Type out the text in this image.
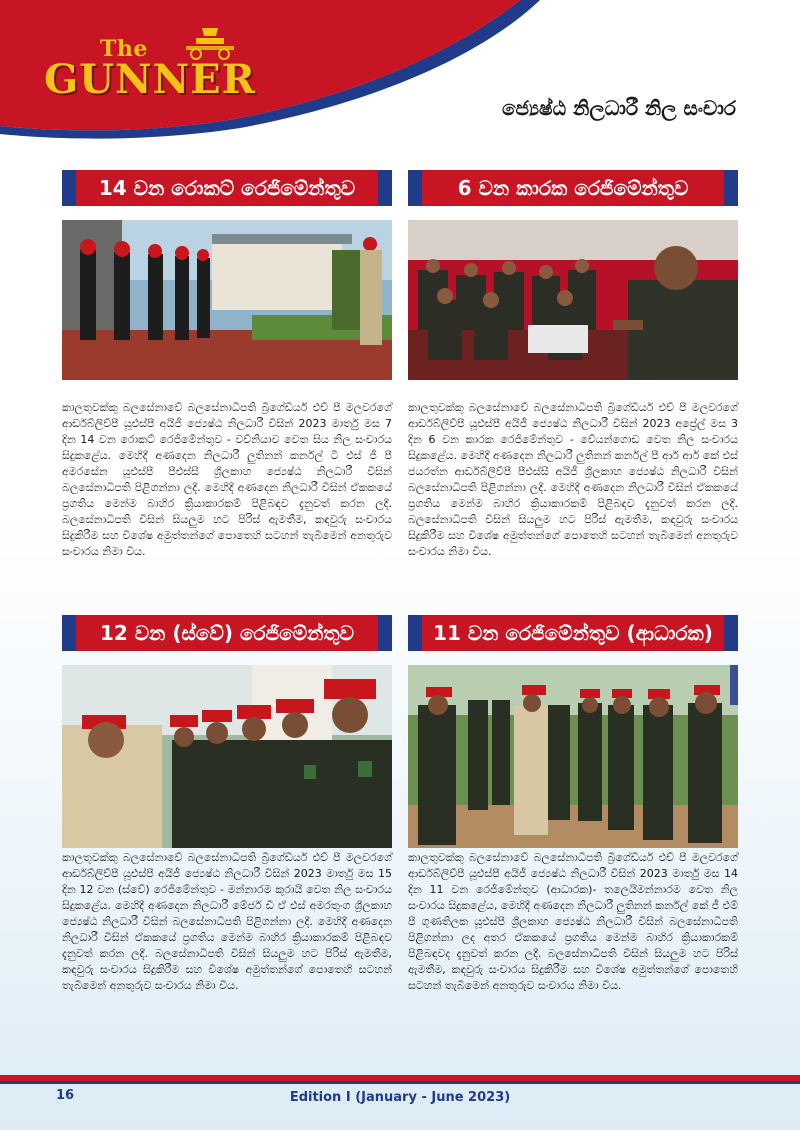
The
GUNNER
ජ්‍යෙෂ්ඨ නිලධාරී නිල සංචාර
14 වන රොකට් රෙජිමේන්තුව
කාලතුවක්කු බලසේනාවේ බලසේනාධිපති බ්‍රිගේඩියර් එච් පී මලවරගේ ආර්ඩබ්ලිව්පී යූඑස්පී අයිජී ජ්‍යෙෂ්ඨ නිලධාරී විසින් 2023 මාර්තු මස 7 දින 14 වන රොකට් රෙජිමේන්තුව - වව්නියාව වෙත සිය නිල සංචාරය සිදුකළේය. මෙහිදී අණදෙන නිලධාරී ලුතිනන් කර්නල් ටී එස් ජී පී අමරසේන යූඑස්පී පීඑස්සී ශ්‍රීලකාහ ජ්‍යෙෂ්ඨ නිලධාරී විසින් බලසේනාධිපති පිළිගන්නා ලදී. මෙහිදී අණදෙන නිලධාරී විසින් ඒකකයේ ප්‍රගතිය මෙන්ම බාහිර ක්‍රියාකාරකම් පිළිබඳව දැනුවත් කරන ලදී. බලසේනාධිපති විසින් සියලුම හට පිරිස් ඇමතීම, කඳවුරු සංචාරය සිදුකිරීම සහ විශේෂ අමුත්තන්ගේ පොතෙහි සටහන් තැබීමෙන් අනතුරුව සංචාරය නිමා විය.
6 වන කාරක රෙජිමේන්තුව
කාලතුවක්කු බලසේනාවේ බලසේනාධිපති බ්‍රිගේඩියර් එච් පී මලවරගේ ආර්ඩබ්ලිව්පී යූඑස්පී අයිජී ජ්‍යෙෂ්ඨ නිලධාරී විසින් 2023 අප්‍රේල් මස 3 දින 6 වන කාරක රෙජිමේන්තුව - වේයන්ගොඩ වෙත නිල සංචාරය සිදුකළේය. මෙහිදී අණදෙන නිලධාරී ලුතිනන් කර්නල් පී ආර් ආර් කේ එස් ජයරත්න ආර්ඩබ්ලිව්පී පීඑස්සී අයිජී ශ්‍රීලකාහ ජ්‍යෙෂ්ඨ නිලධාරී විසින් බලසේනාධිපති පිළිගන්නා ලදී. මෙහිදී අණදෙන නිලධාරී විසින් ඒකකයේ ප්‍රගතිය මෙන්ම බාහිර ක්‍රියාකාරකම් පිළිබඳව දැනුවත් කරන ලදී. බලසේනාධිපති විසින් සියලුම හට පිරිස් ඇමතීම, කඳවුරු සංචාරය සිදුකිරීම සහ විශේෂ අමුත්තන්ගේ පොතෙහි සටහන් තැබීමෙන් අනතුරුව සංචාරය නිමා විය.
12 වන (ස්වේ) රෙජිමේන්තුව
කාලතුවක්කු බලසේනාවේ බලසේනාධිපති බ්‍රිගේඩියර් එච් පී මලවරගේ ආර්ඩබ්ලිව්පී යූඑස්පී අයිජී ජ්‍යෙෂ්ඨ නිලධාරී විසින් 2023 මාර්තු මස 15 දින 12 වන (ස්වේ) රෙජිමේන්තුව - මන්නාරම කුරායි වෙත නිල සංචාරය සිදුකළේය. මෙහිදී අණදෙන නිලධාරී මේජර් ඩී ඒ එස් අමරතුංග ශ්‍රීලකාහ ජ්‍යෙෂ්ඨ නිලධාරී විසින් බලසේනාධිපති පිළිගන්නා ලදී. මෙහිදී අණදෙන නිලධාරී විසින් ඒකකයේ ප්‍රගතිය මෙන්ම බාහිර ක්‍රියාකාරකම් පිළිබඳව දැනුවත් කරන ලදී. බලසේනාධිපති විසින් සියලුම හට පිරිස් ඇමතීම, කඳවුරු සංචාරය සිදුකිරීම සහ විශේෂ අමුත්තන්ගේ පොතෙහි සටහන් තැබීමෙන් අනතුරුව සංචාරය නිමා විය.
11 වන රෙජිමේන්තුව (ආධාරක)
කාලතුවක්කු බලසේනාවේ බලසේනාධිපති බ්‍රිගේඩියර් එච් පී මලවරගේ ආර්ඩබ්ලිව්පී යූඑස්පී අයිජී ජ්‍යෙෂ්ඨ නිලධාරී විසින් 2023 මාර්තු මස 14 දින 11 වන රෙජිමේන්තුව (ආධාරක)- තලෙයිමන්නාරම වෙත නිල සංචාරය සිදුකළේය, මෙහිදී අණදෙන නිලධාරී ලුතිනන් කර්නල් කේ ජී එම් පී ගුණතිලක යූඑස්පී ශ්‍රීලකාහ ජ්‍යෙෂ්ඨ නිලධාරී විසින් බලසේනාධිපති පිළිගන්නා ලද අතර ඒකකයේ ප්‍රගතිය මෙන්ම බාහිර ක්‍රියාකාරකම් පිළිබඳවද දැනුවත් කරන ලදී. බලසේනාධිපති විසින් සියලුම හට පිරිස් ඇමතීම, කඳවුරු සංචාරය සිදුකිරීම සහ විශේෂ අමුත්තන්ගේ පොතෙහි සටහන් තැබීමෙන් අනතුරුව සංචාරය නිමා විය.
16	Edition I (January - June 2023)
